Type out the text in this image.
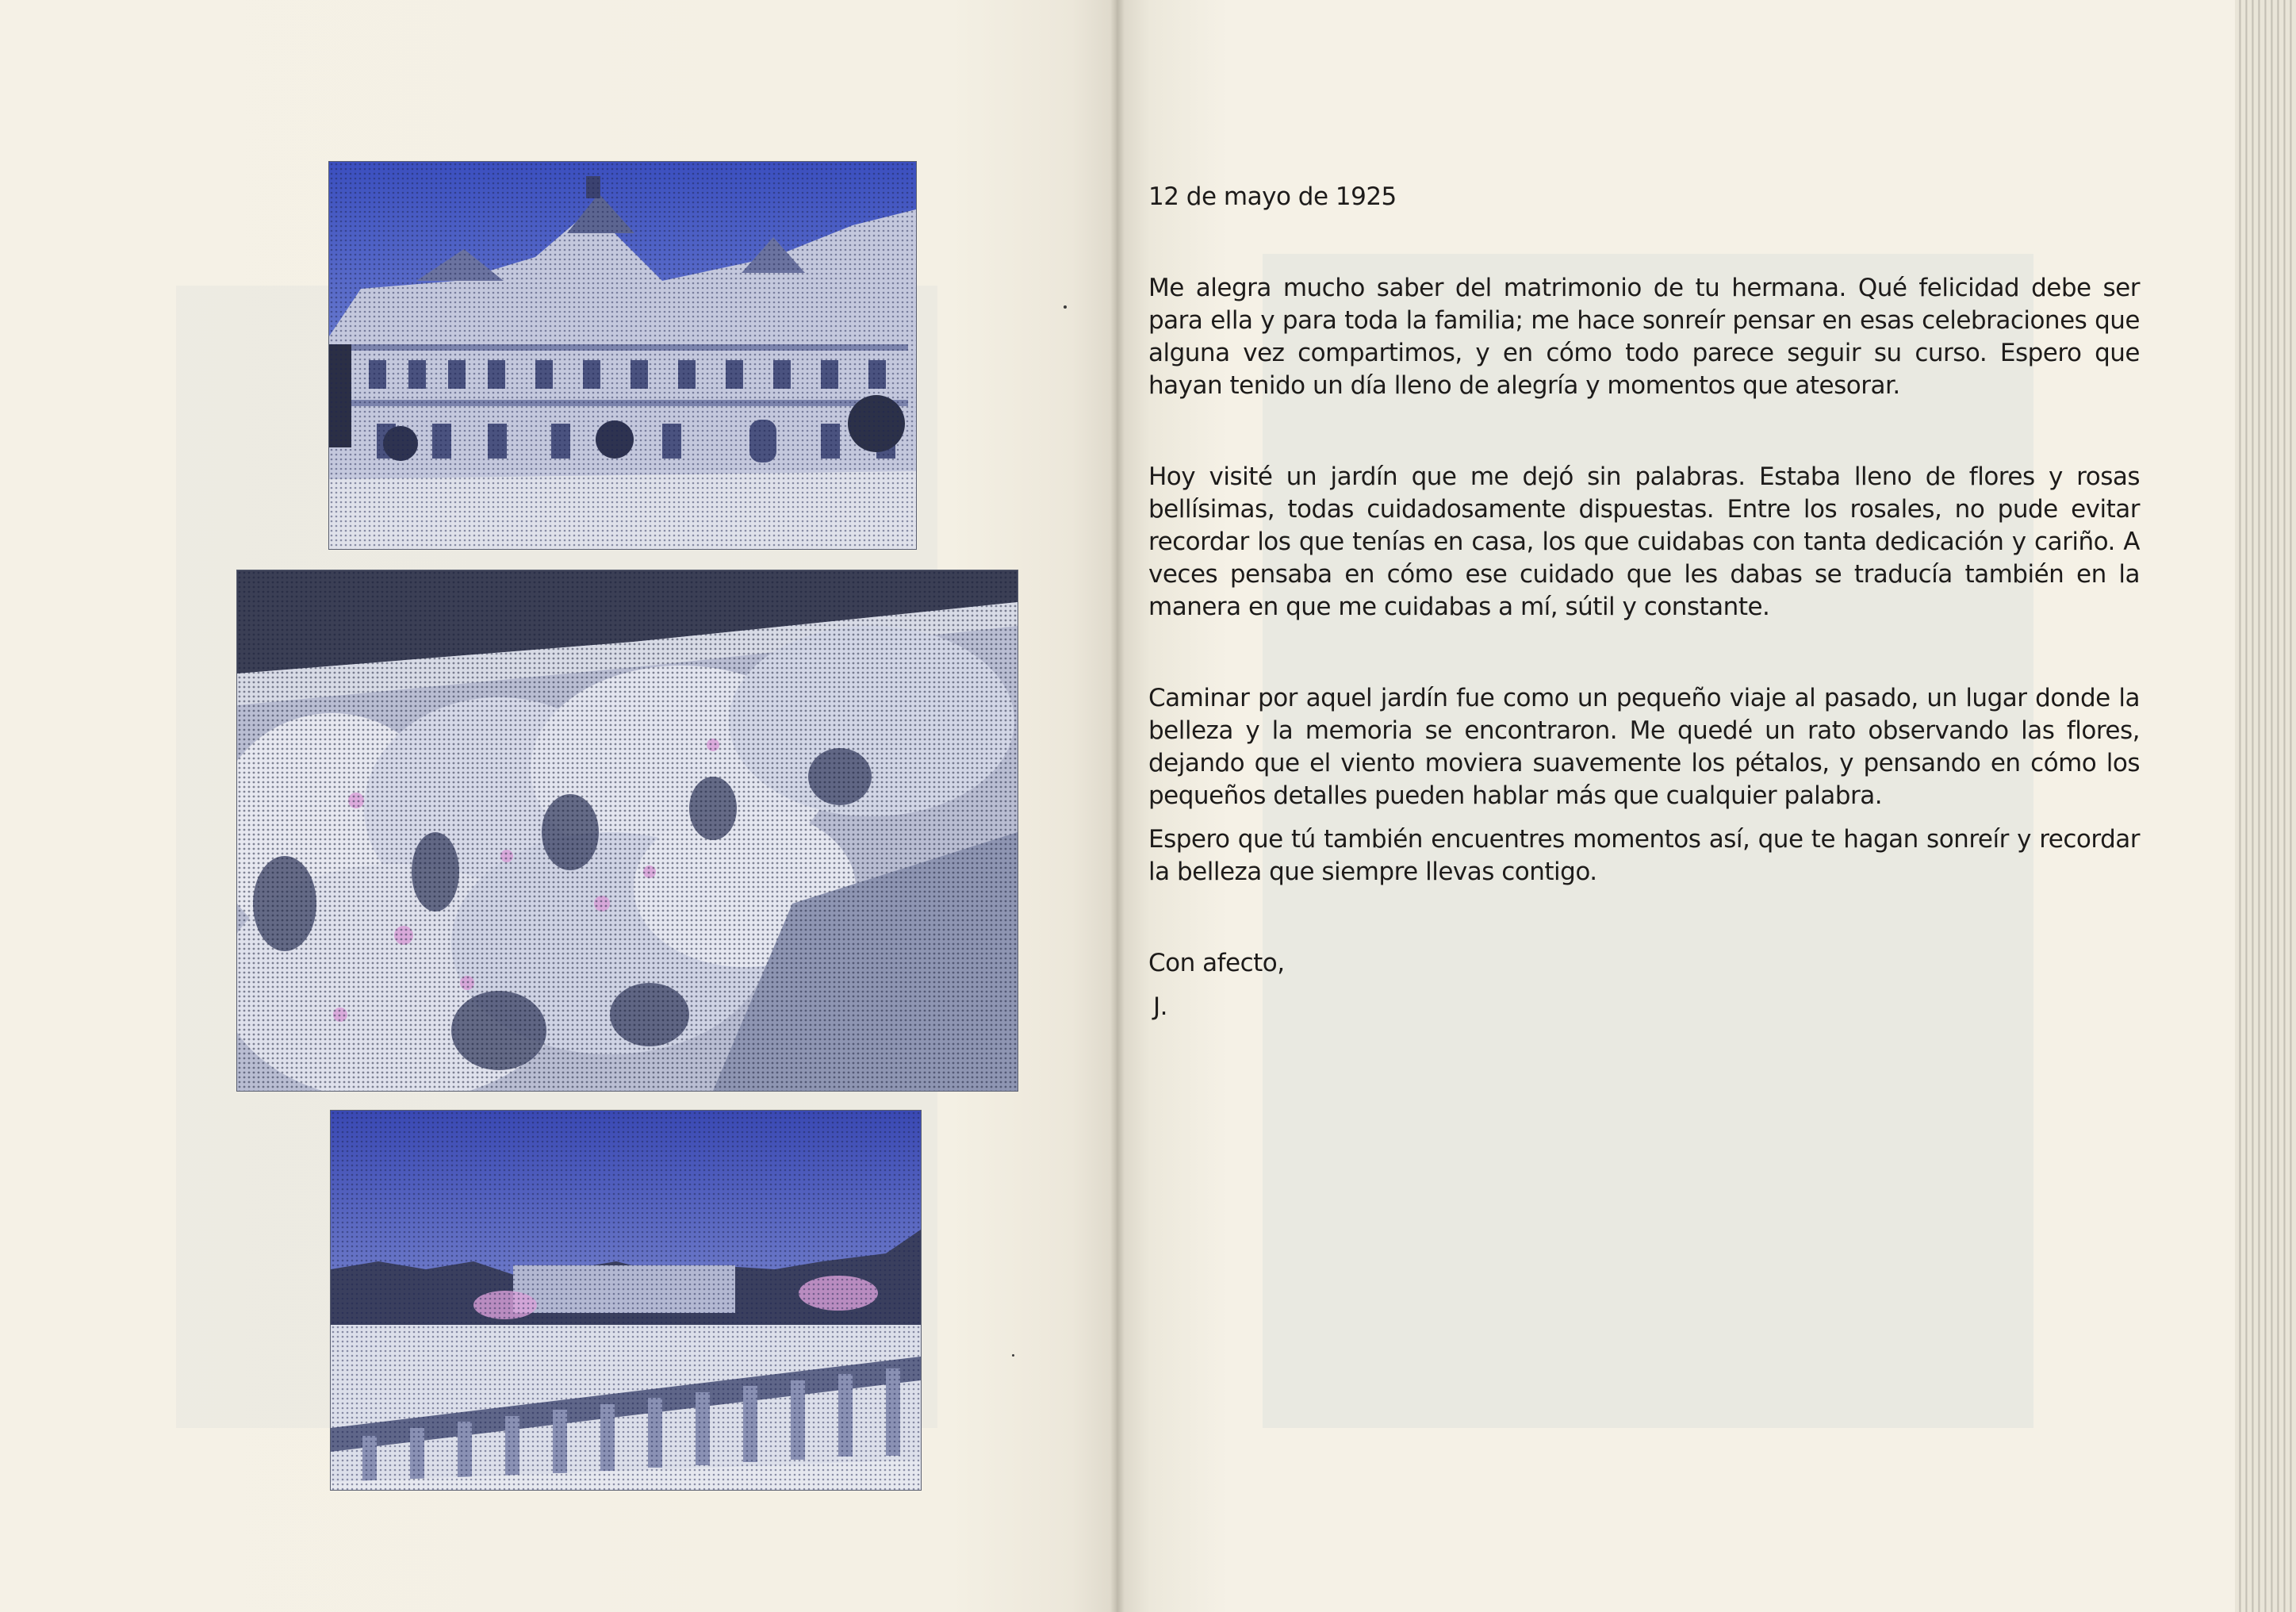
12 de mayo de 1925

Me alegra mucho saber del matrimonio de tu hermana. Qué felicidad debe ser para ella y para toda la familia; me hace sonreír pensar en esas celebraciones que alguna vez compartimos, y en cómo todo parece seguir su curso. Espero que hayan tenido un día lleno de alegría y momentos que atesorar.

Hoy visité un jardín que me dejó sin palabras. Estaba lleno de flores y rosas bellísimas, todas cuidadosamente dispuestas. Entre los rosales, no pude evitar recordar los que tenías en casa, los que cuidabas con tanta dedicación y cariño. A veces pensaba en cómo ese cuidado que les dabas se traducía también en la manera en que me cuidabas a mí, sútil y constante.

Caminar por aquel jardín fue como un pequeño viaje al pasado, un lugar donde la belleza y la memoria se encontraron. Me quedé un rato observando las flores, dejando que el viento moviera suavemente los pétalos, y pensando en cómo los pequeños detalles pueden hablar más que cualquier palabra.

Espero que tú también encuentres momentos así, que te hagan sonreír y recordar la belleza que siempre llevas contigo.

Con afecto,
J.
